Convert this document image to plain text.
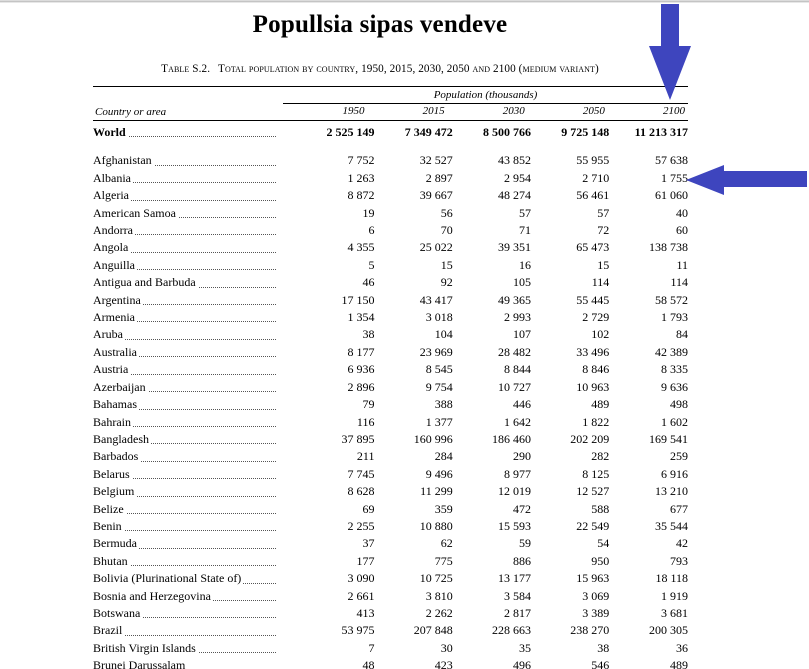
Popullsia sipas vendeve
Table S.2. Total population by country, 1950, 2015, 2030, 2050 and 2100 (medium variant)
Population (thousands)
Country or area
		1950	2015	2030	2050	2100
World	2 525 149	7 349 472	8 500 766	9 725 148	11 213 317

Afghanistan	7 752	32 527	43 852	55 955	57 638

Albania	1 263	2 897	2 954	2 710	1 755

Algeria	8 872	39 667	48 274	56 461	61 060

American Samoa	19	56	57	57	40

Andorra	6	70	71	72	60

Angola	4 355	25 022	39 351	65 473	138 738

Anguilla	5	15	16	15	11

Antigua and Barbuda	46	92	105	114	114

Argentina	17 150	43 417	49 365	55 445	58 572

Armenia	1 354	3 018	2 993	2 729	1 793

Aruba	38	104	107	102	84

Australia	8 177	23 969	28 482	33 496	42 389

Austria	6 936	8 545	8 844	8 846	8 335

Azerbaijan	2 896	9 754	10 727	10 963	9 636

Bahamas	79	388	446	489	498

Bahrain	116	1 377	1 642	1 822	1 602

Bangladesh	37 895	160 996	186 460	202 209	169 541

Barbados	211	284	290	282	259

Belarus	7 745	9 496	8 977	8 125	6 916

Belgium	8 628	11 299	12 019	12 527	13 210

Belize	69	359	472	588	677

Benin	2 255	10 880	15 593	22 549	35 544

Bermuda	37	62	59	54	42

Bhutan	177	775	886	950	793

Bolivia (Plurinational State of)	3 090	10 725	13 177	15 963	18 118

Bosnia and Herzegovina	2 661	3 810	3 584	3 069	1 919

Botswana	413	2 262	2 817	3 389	3 681

Brazil	53 975	207 848	228 663	238 270	200 305

British Virgin Islands	7	30	35	38	36

Brunei Darussalam	48	423	496	546	489
